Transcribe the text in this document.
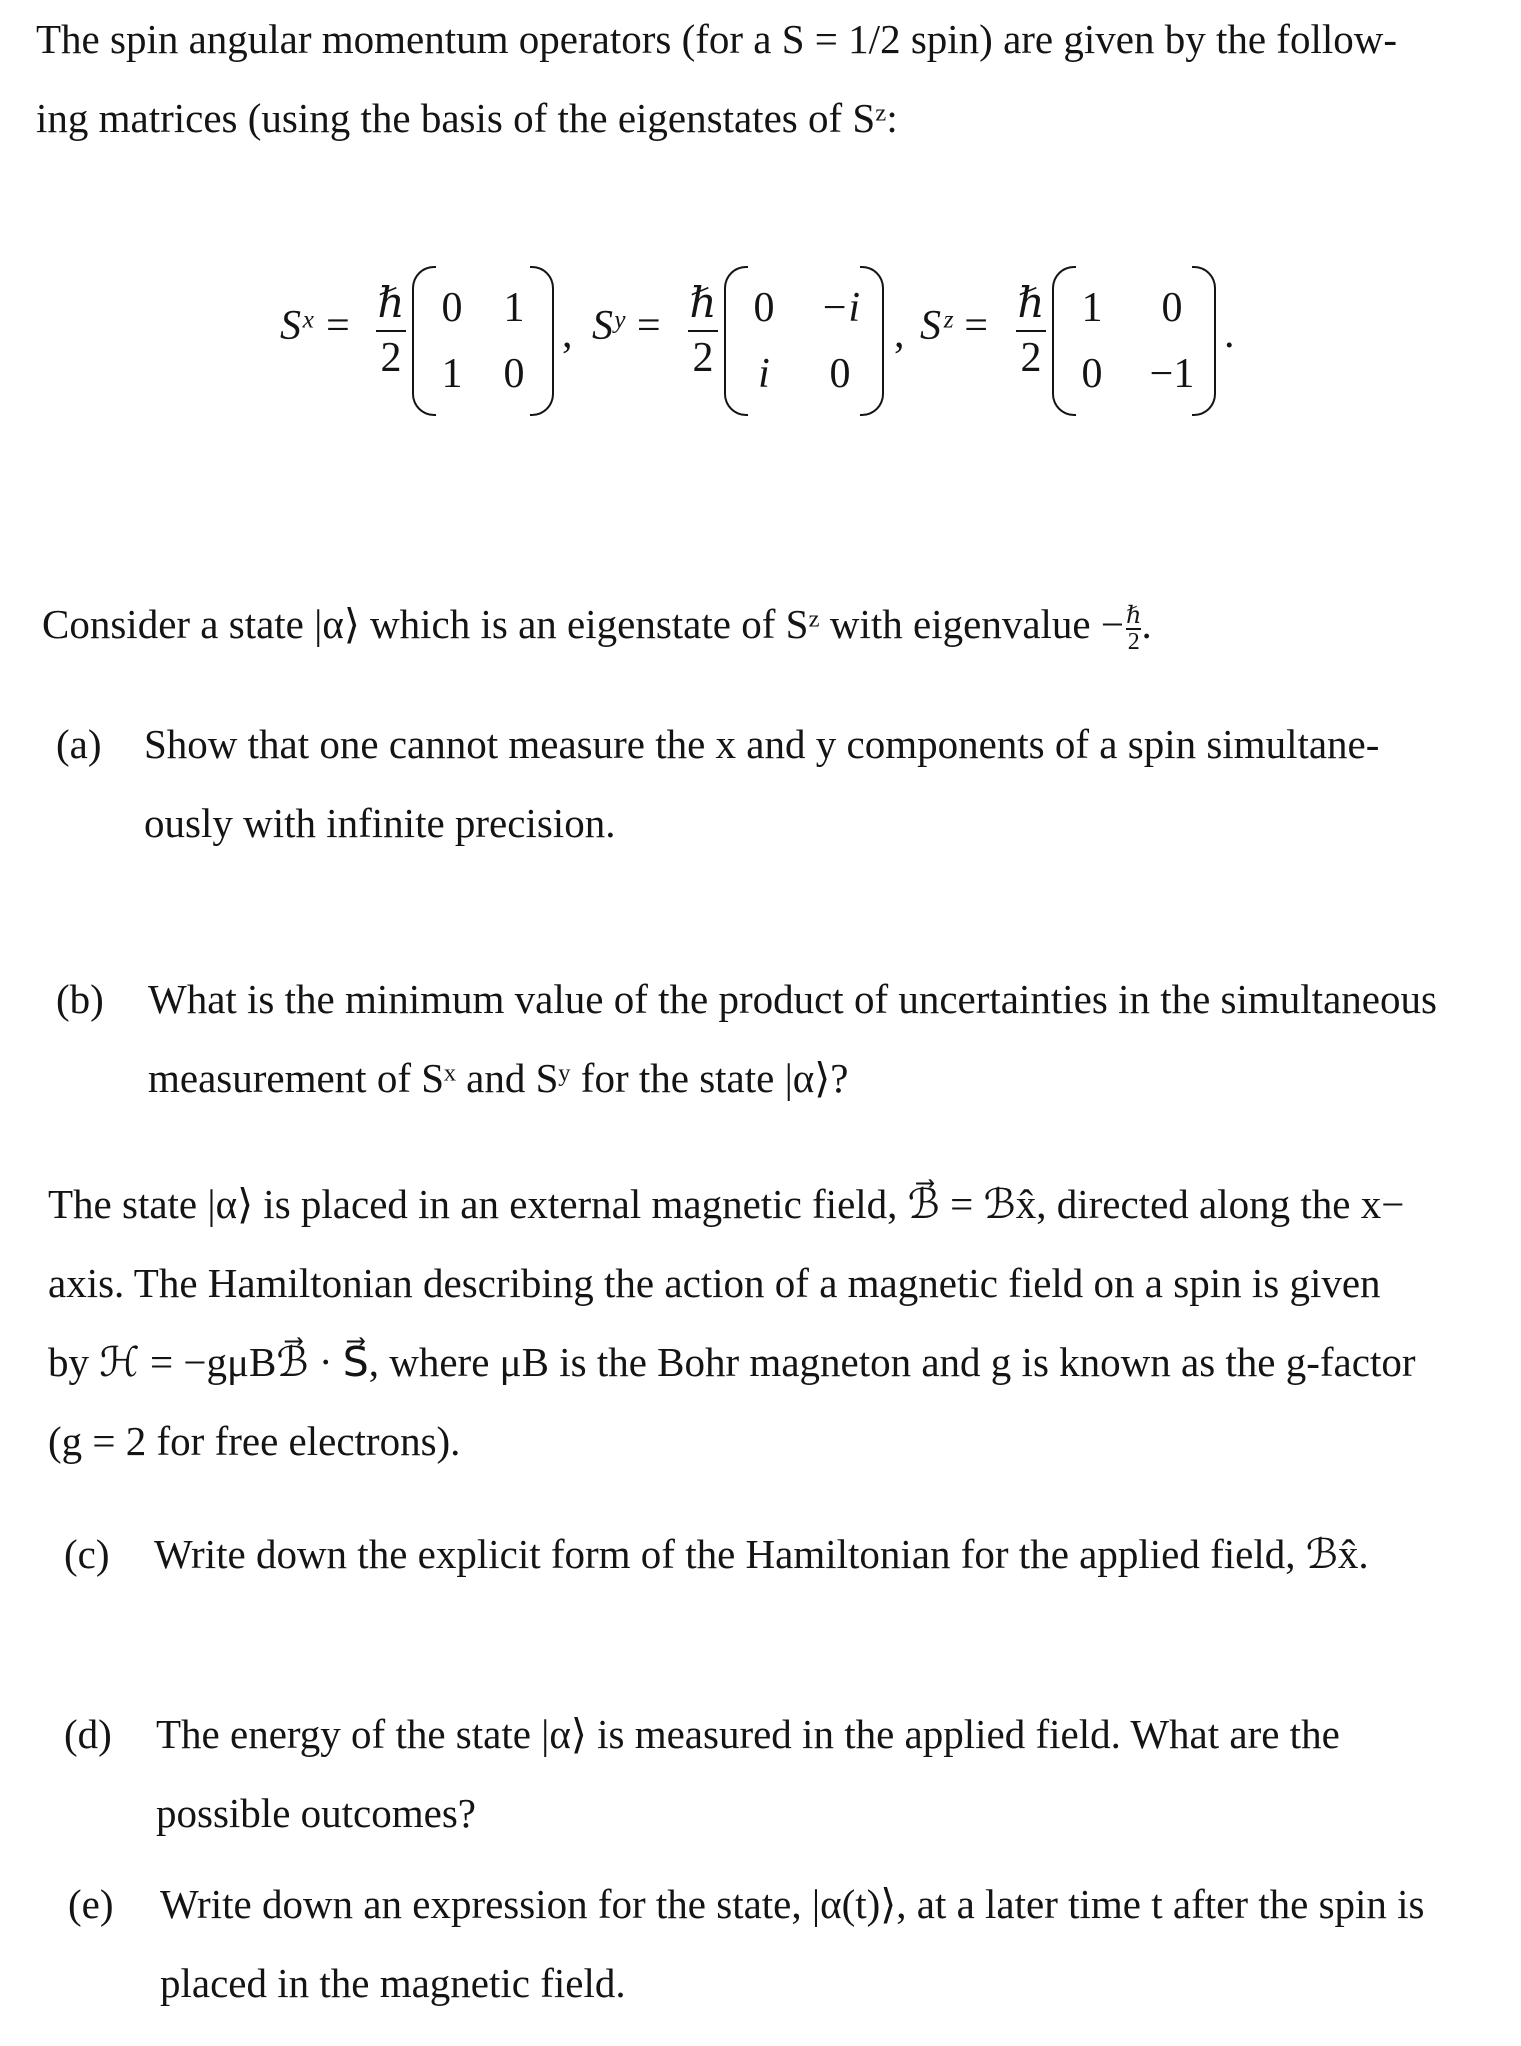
The spin angular momentum operators (for a S = 1/2 spin) are given by the follow-
ing matrices (using the basis of the eigenstates of Sᶻ:
Sˣ = ℏ
2
0 1
1 0
, Sʸ = ℏ
2
0	−i
i	0
, Sᶻ = ℏ
2
1	0
0	−1
.
Consider a state |α⟩ which is an eigenstate of Sᶻ with eigenvalue − ℏ
2 .
(a) Show that one cannot measure the x and y components of a spin simultane-
ously with infinite precision.
(b) What is the minimum value of the product of uncertainties in the simultaneous
measurement of Sˣ and Sʸ for the state |α⟩?
The state |α⟩ is placed in an external magnetic field, ℬ⃗ = ℬx̂, directed along the x−
axis. The Hamiltonian describing the action of a magnetic field on a spin is given
by ℋ = −gμBℬ⃗ · S⃗, where μB is the Bohr magneton and g is known as the g-factor
(g = 2 for free electrons).
(c) Write down the explicit form of the Hamiltonian for the applied field, ℬx̂.
(d) The energy of the state |α⟩ is measured in the applied field. What are the
possible outcomes?
(e) Write down an expression for the state, |α(t)⟩, at a later time t after the spin is
placed in the magnetic field.
